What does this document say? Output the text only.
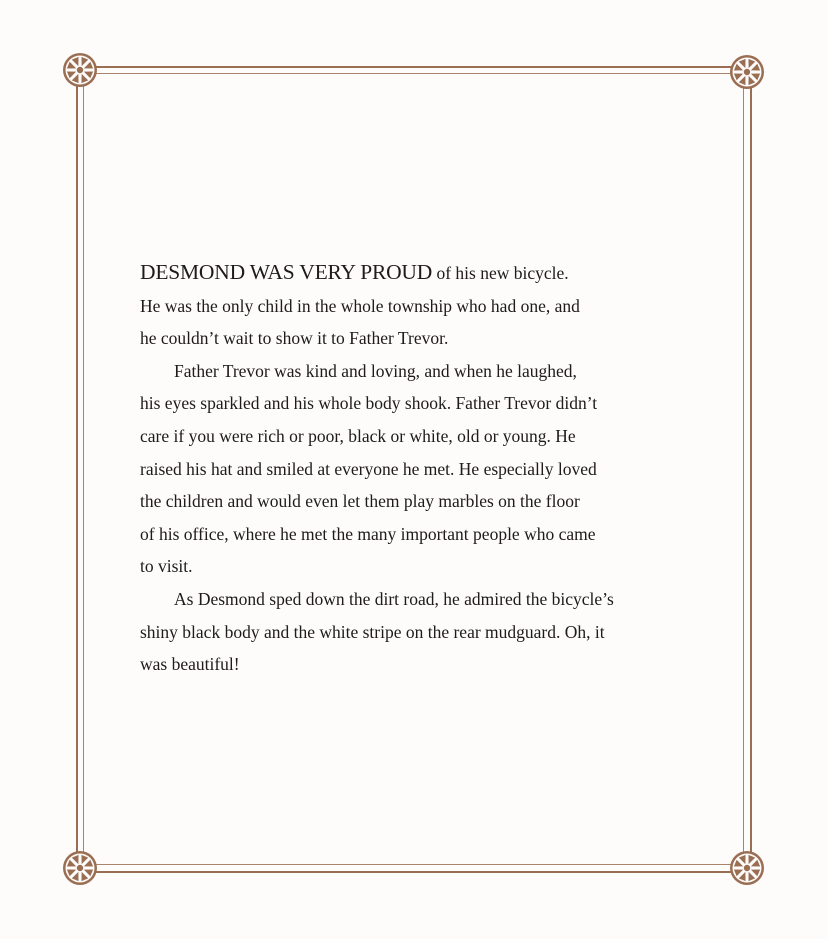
DESMOND WAS VERY PROUD of his new bicycle.
He was the only child in the whole township who had one, and
he couldn’t wait to show it to Father Trevor.

Father Trevor was kind and loving, and when he laughed,
his eyes sparkled and his whole body shook. Father Trevor didn’t
care if you were rich or poor, black or white, old or young. He
raised his hat and smiled at everyone he met. He especially loved
the children and would even let them play marbles on the floor
of his office, where he met the many important people who came
to visit.

As Desmond sped down the dirt road, he admired the bicycle’s
shiny black body and the white stripe on the rear mudguard. Oh, it
was beautiful!
